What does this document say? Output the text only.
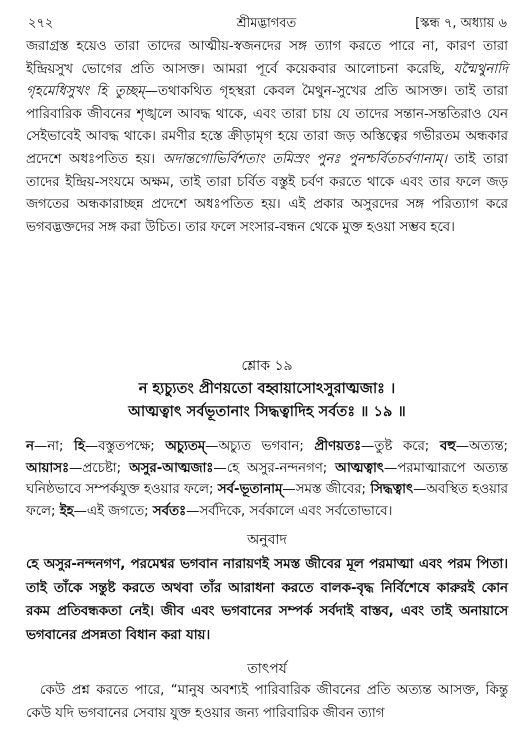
২৭২	শ্রীমদ্ভাগবত	[স্কন্ধ ৭, অধ্যায় ৬
জরাগ্রস্ত হয়েও তারা তাদের আত্মীয়-স্বজনদের সঙ্গ ত্যাগ করতে পারে না, কারণ তারা ইন্দ্রিয়সুখ ভোগের প্রতি আসক্ত। আমরা পূর্বে কয়েকবার আলোচনা করেছি, যন্মৈথুনাদি গৃহমেধিসুখং হি তুচ্ছম্—তথাকথিত গৃহস্থরা কেবল মৈথুন-সুখের প্রতি আসক্ত। তাই তারা পারিবারিক জীবনের শৃঙ্খলে আবদ্ধ থাকে, এবং তারা চায় যে তাদের সন্তান-সন্ততিরাও যেন সেইভাবেই আবদ্ধ থাকে। রমণীর হস্তে ক্রীড়ামৃগ হয়ে তারা জড় অস্তিত্বের গভীরতম অন্ধকার প্রদেশে অধঃপতিত হয়। অদান্তগোভির্বিশতাং তমিস্রং পুনঃ পুনশ্চর্বিতচর্বণানাম্। তাই তারা তাদের ইন্দ্রিয়-সংযমে অক্ষম, তাই তারা চর্বিত বস্তুই চর্বণ করতে থাকে এবং তার ফলে জড় জগতের অন্ধকারাচ্ছন্ন প্রদেশে অধঃপতিত হয়। এই প্রকার অসুরদের সঙ্গ পরিত্যাগ করে ভগবদ্ভক্তদের সঙ্গ করা উচিত। তার ফলে সংসার-বন্ধন থেকে মুক্ত হওয়া সম্ভব হবে।
শ্লোক ১৯
ন হ্যচ্যুতং প্রীণয়তো বহ্বায়াসোঽসুরাত্মজাঃ ।
আত্মত্বাৎ সর্বভূতানাং সিদ্ধত্বাদিহ সর্বতঃ ॥ ১৯ ॥
ন—না; হি—বস্তুতপক্ষে; অচ্যুতম্—অচ্যুত ভগবান; প্রীণয়তঃ—তুষ্ট করে; বহু—অত্যন্ত; আয়াসঃ—প্রচেষ্টা; অসুর-আত্মজাঃ—হে অসুর-নন্দনগণ; আত্মত্বাৎ—পরমাত্মারূপে অত্যন্ত ঘনিষ্ঠভাবে সম্পর্কযুক্ত হওয়ার ফলে; সর্ব-ভূতানাম্—সমস্ত জীবের; সিদ্ধত্বাৎ—অবস্থিত হওয়ার ফলে; ইহ—এই জগতে; সর্বতঃ—সর্বদিকে, সর্বকালে এবং সর্বতোভাবে।
অনুবাদ
হে অসুর-নন্দনগণ, পরমেশ্বর ভগবান নারায়ণই সমস্ত জীবের মূল পরমাত্মা এবং পরম পিতা। তাই তাঁকে সন্তুষ্ট করতে অথবা তাঁর আরাধনা করতে বালক-বৃদ্ধ নির্বিশেষে কারুরই কোন রকম প্রতিবন্ধকতা নেই। জীব এবং ভগবানের সম্পর্ক সর্বদাই বাস্তব, এবং তাই অনায়াসে ভগবানের প্রসন্নতা বিধান করা যায়।
তাৎপর্য
কেউ প্রশ্ন করতে পারে, “মানুষ অবশ্যই পারিবারিক জীবনের প্রতি অত্যন্ত আসক্ত, কিন্তু কেউ যদি ভগবানের সেবায় যুক্ত হওয়ার জন্য পারিবারিক জীবন ত্যাগ
